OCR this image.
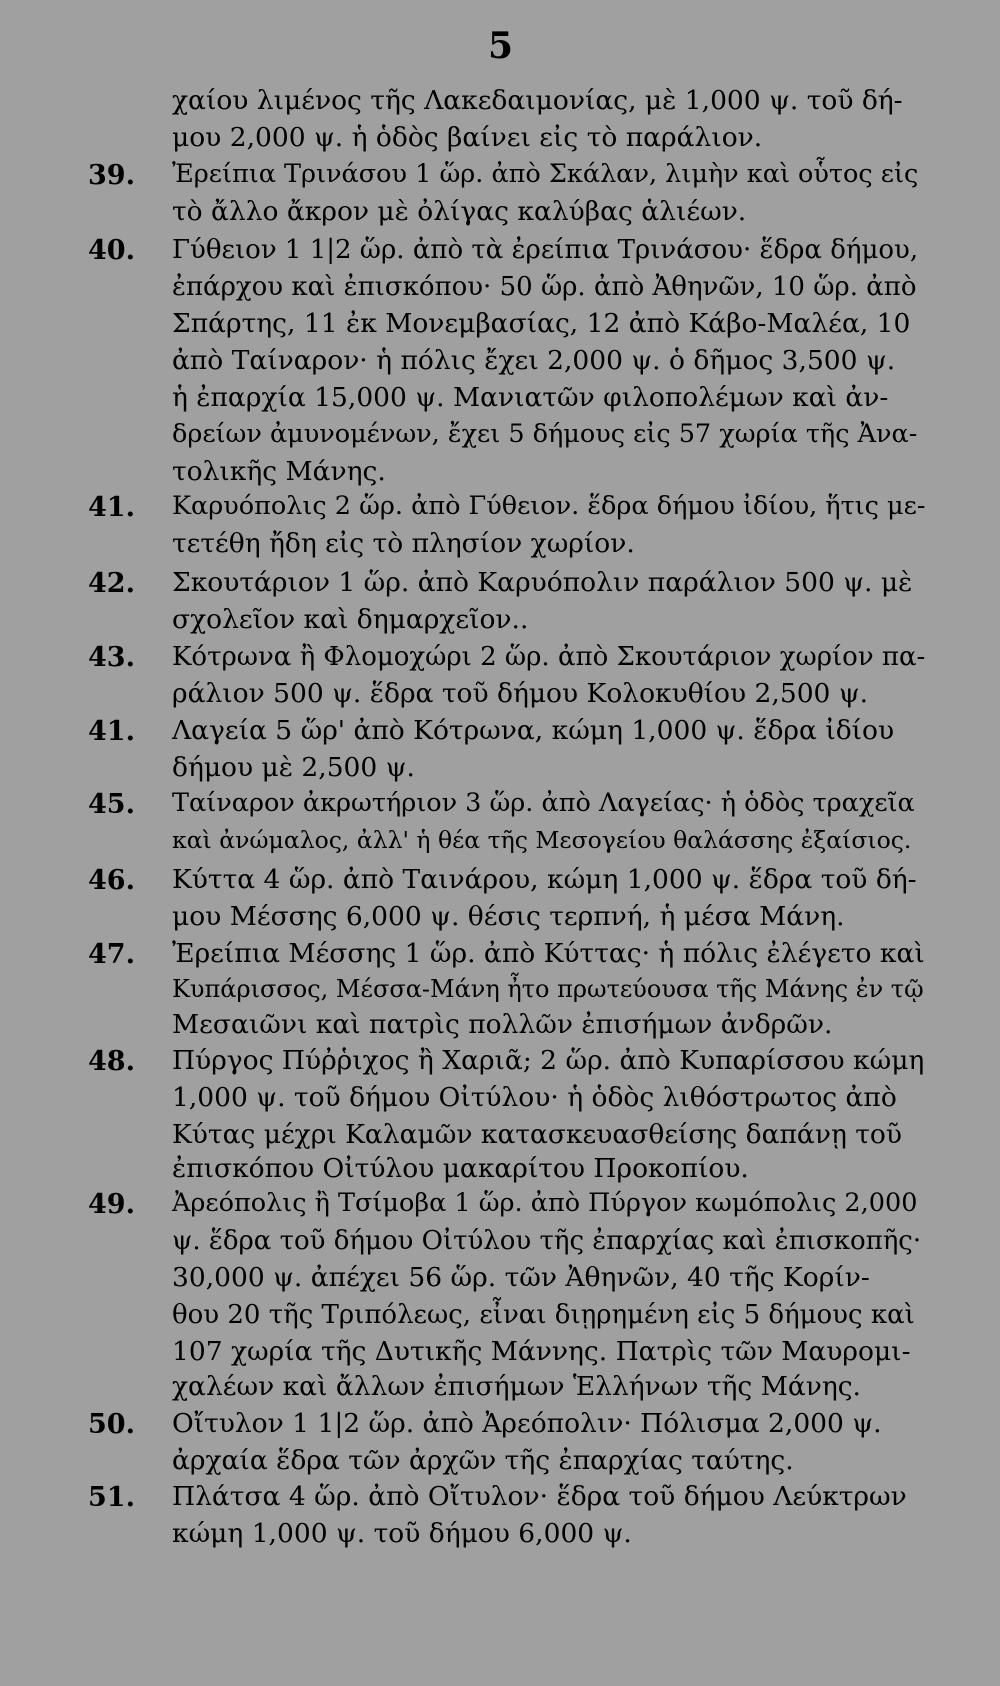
5
39.
40.
41.
42.
43.
41.
45.
46.
47.
48.
49.
50.
51.
χαίου λιμένος τῆς Λακεδαιμονίας, μὲ 1,000 ψ. τοῦ δή-
μου 2,000 ψ. ἡ ὁδὸς βαίνει εἰς τὸ παράλιον.
Ἐρείπια Τρινάσου 1 ὥρ. ἀπὸ Σκάλαν, λιμὴν καὶ οὗτος εἰς
τὸ ἄλλο ἄκρον μὲ ὀλίγας καλύβας ἁλιέων.
Γύθειον 1 1|2 ὥρ. ἀπὸ τὰ ἐρείπια Τρινάσου· ἕδρα δήμου,
ἐπάρχου καὶ ἐπισκόπου· 50 ὥρ. ἀπὸ Ἀθηνῶν, 10 ὥρ. ἀπὸ
Σπάρτης, 11 ἐκ Μονεμβασίας, 12 ἀπὸ Κάβο-Μαλέα, 10
ἀπὸ Ταίναρον· ἡ πόλις ἔχει 2,000 ψ. ὁ δῆμος 3,500 ψ.
ἡ ἐπαρχία 15,000 ψ. Μανιατῶν φιλοπολέμων καὶ ἀν-
δρείων ἀμυνομένων, ἔχει 5 δήμους εἰς 57 χωρία τῆς Ἀνα-
τολικῆς Μάνης.
Καρυόπολις 2 ὥρ. ἀπὸ Γύθειον. ἕδρα δήμου ἰδίου, ἥτις με-
τετέθη ἤδη εἰς τὸ πλησίον χωρίον.
Σκουτάριον 1 ὥρ. ἀπὸ Καρυόπολιν παράλιον 500 ψ. μὲ
σχολεῖον καὶ δημαρχεῖον..
Κότρωνα ἢ Φλομοχώρι 2 ὥρ. ἀπὸ Σκουτάριον χωρίον πα-
ράλιον 500 ψ. ἕδρα τοῦ δήμου Κολοκυθίου 2,500 ψ.
Λαγεία 5 ὥρ' ἀπὸ Κότρωνα, κώμη 1,000 ψ. ἕδρα ἰδίου
δήμου μὲ 2,500 ψ.
Ταίναρον ἀκρωτήριον 3 ὥρ. ἀπὸ Λαγείας· ἡ ὁδὸς τραχεῖα
καὶ ἀνώμαλος, ἀλλ' ἡ θέα τῆς Μεσογείου θαλάσσης ἐξαίσιος.
Κύττα 4 ὥρ. ἀπὸ Ταινάρου, κώμη 1,000 ψ. ἕδρα τοῦ δή-
μου Μέσσης 6,000 ψ. θέσις τερπνή, ἡ μέσα Μάνη.
Ἐρείπια Μέσσης 1 ὥρ. ἀπὸ Κύττας· ἡ πόλις ἐλέγετο καὶ
Κυπάρισσος, Μέσσα-Μάνη ἦτο πρωτεύουσα τῆς Μάνης ἐν τῷ
Μεσαιῶνι καὶ πατρὶς πολλῶν ἐπισήμων ἀνδρῶν.
Πύργος Πύῤῥιχος ἢ Χαριᾶ; 2 ὥρ. ἀπὸ Κυπαρίσσου κώμη
1,000 ψ. τοῦ δήμου Οἰτύλου· ἡ ὁδὸς λιθόστρωτος ἀπὸ
Κύτας μέχρι Καλαμῶν κατασκευασθείσης δαπάνῃ τοῦ
ἐπισκόπου Οἰτύλου μακαρίτου Προκοπίου.
Ἀρεόπολις ἢ Τσίμοβα 1 ὥρ. ἀπὸ Πύργον κωμόπολις 2,000
ψ. ἕδρα τοῦ δήμου Οἰτύλου τῆς ἐπαρχίας καὶ ἐπισκοπῆς·
30,000 ψ. ἀπέχει 56 ὥρ. τῶν Ἀθηνῶν, 40 τῆς Κορίν-
θου 20 τῆς Τριπόλεως, εἶναι διῃρημένη εἰς 5 δήμους καὶ
107 χωρία τῆς Δυτικῆς Μάννης. Πατρὶς τῶν Μαυρομι-
χαλέων καὶ ἄλλων ἐπισήμων Ἑλλήνων τῆς Μάνης.
Οἴτυλον 1 1|2 ὥρ. ἀπὸ Ἀρεόπολιν· Πόλισμα 2,000 ψ.
ἀρχαία ἕδρα τῶν ἀρχῶν τῆς ἐπαρχίας ταύτης.
Πλάτσα 4 ὥρ. ἀπὸ Οἴτυλον· ἕδρα τοῦ δήμου Λεύκτρων
κώμη 1,000 ψ. τοῦ δήμου 6,000 ψ.
